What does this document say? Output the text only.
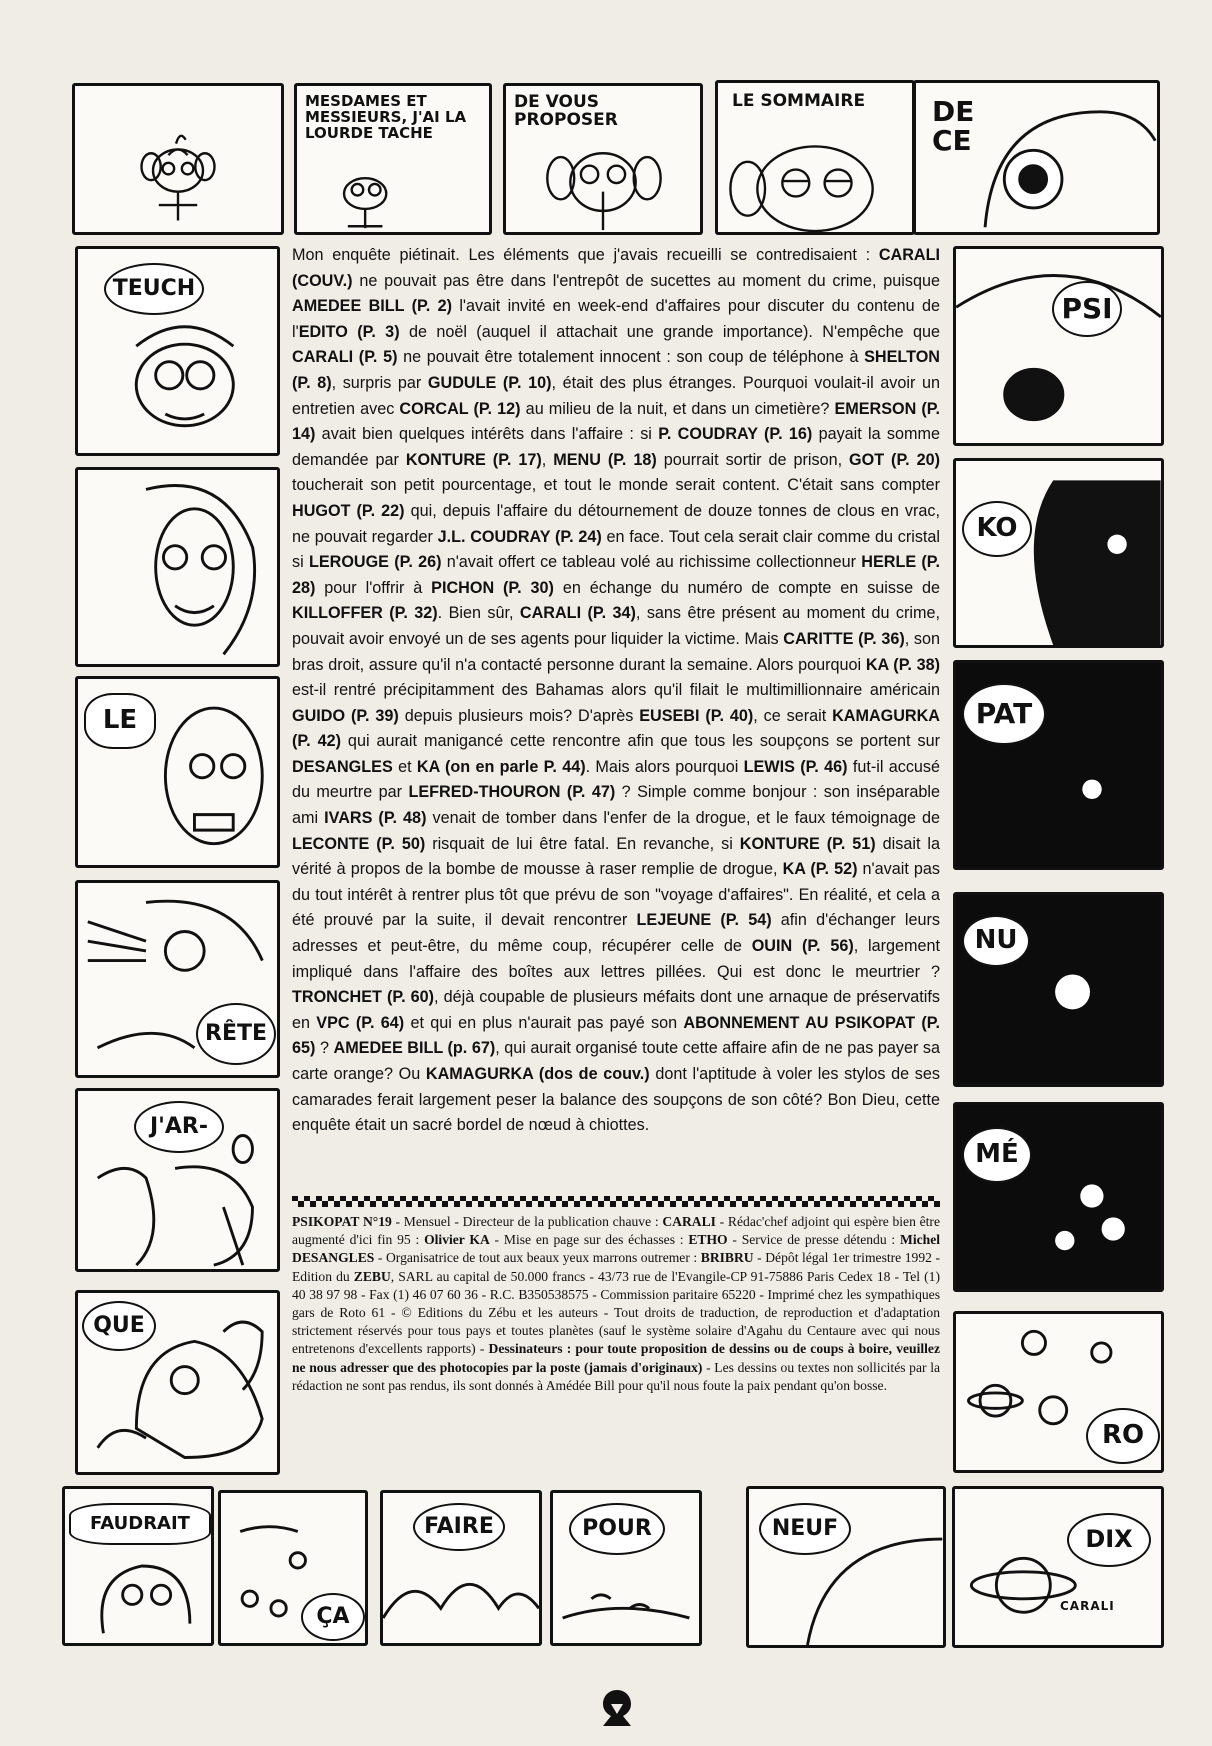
MESDAMES ET MESSIEURS, J'AI LA LOURDE TACHE
DE VOUS PROPOSER
LE SOMMAIRE DE CE
TEUCH
LE
RÊTE
J'AR-
QUE

Mon enquête piétinait. Les éléments que j'avais recueilli se contredisaient : CARALI (COUV.) ne pouvait pas être dans l'entrepôt de sucettes au moment du crime, puisque AMEDEE BILL (P. 2) l'avait invité en week-end d'affaires pour discuter du contenu de l'EDITO (P. 3) de noël (auquel il attachait une grande importance). N'empêche que CARALI (P. 5) ne pouvait être totalement innocent : son coup de téléphone à SHELTON (P. 8), surpris par GUDULE (P. 10), était des plus étranges. Pourquoi voulait-il avoir un entretien avec CORCAL (P. 12) au milieu de la nuit, et dans un cimetière? EMERSON (P. 14) avait bien quelques intérêts dans l'affaire : si P. COUDRAY (P. 16) payait la somme demandée par KONTURE (P. 17), MENU (P. 18) pourrait sortir de prison, GOT (P. 20) toucherait son petit pourcentage, et tout le monde serait content. C'était sans compter HUGOT (P. 22) qui, depuis l'affaire du détournement de douze tonnes de clous en vrac, ne pouvait regarder J.L. COUDRAY (P. 24) en face. Tout cela serait clair comme du cristal si LEROUGE (P. 26) n'avait offert ce tableau volé au richissime collectionneur HERLE (P. 28) pour l'offrir à PICHON (P. 30) en échange du numéro de compte en suisse de KILLOFFER (P. 32). Bien sûr, CARALI (P. 34), sans être présent au moment du crime, pouvait avoir envoyé un de ses agents pour liquider la victime. Mais CARITTE (P. 36), son bras droit, assure qu'il n'a contacté personne durant la semaine. Alors pourquoi KA (P. 38) est-il rentré précipitamment des Bahamas alors qu'il filait le multimillionnaire américain GUIDO (P. 39) depuis plusieurs mois? D'après EUSEBI (P. 40), ce serait KAMAGURKA (P. 42) qui aurait manigancé cette rencontre afin que tous les soupçons se portent sur DESANGLES et KA (on en parle P. 44). Mais alors pourquoi LEWIS (P. 46) fut-il accusé du meurtre par LEFRED-THOURON (P. 47) ? Simple comme bonjour : son inséparable ami IVARS (P. 48) venait de tomber dans l'enfer de la drogue, et le faux témoignage de LECONTE (P. 50) risquait de lui être fatal. En revanche, si KONTURE (P. 51) disait la vérité à propos de la bombe de mousse à raser remplie de drogue, KA (P. 52) n'avait pas du tout intérêt à rentrer plus tôt que prévu de son "voyage d'affaires". En réalité, et cela a été prouvé par la suite, il devait rencontrer LEJEUNE (P. 54) afin d'échanger leurs adresses et peut-être, du même coup, récupérer celle de OUIN (P. 56), largement impliqué dans l'affaire des boîtes aux lettres pillées. Qui est donc le meurtrier ? TRONCHET (P. 60), déjà coupable de plusieurs méfaits dont une arnaque de préservatifs en VPC (P. 64) et qui en plus n'aurait pas payé son ABONNEMENT AU PSIKOPAT (P. 65) ? AMEDEE BILL (p. 67), qui aurait organisé toute cette affaire afin de ne pas payer sa carte orange? Ou KAMAGURKA (dos de couv.) dont l'aptitude à voler les stylos de ses camarades ferait largement peser la balance des soupçons de son côté? Bon Dieu, cette enquête était un sacré bordel de nœud à chiottes.

PSIKOPAT N°19 - Mensuel - Directeur de la publication chauve : CARALI - Rédac'chef adjoint qui espère bien être augmenté d'ici fin 95 : Olivier KA - Mise en page sur des échasses : ETHO - Service de presse détendu : Michel DESANGLES - Organisatrice de tout aux beaux yeux marrons outremer : BRIBRU - Dépôt légal 1er trimestre 1992 - Edition du ZEBU, SARL au capital de 50.000 francs - 43/73 rue de l'Evangile-CP 91-75886 Paris Cedex 18 - Tel (1) 40 38 97 98 - Fax (1) 46 07 60 36 - R.C. B350538575 - Commission paritaire 65220 - Imprimé chez les sympathiques gars de Roto 61 - © Editions du Zébu et les auteurs - Tout droits de traduction, de reproduction et d'adaptation strictement réservés pour tous pays et toutes planètes (sauf le système solaire d'Agahu du Centaure avec qui nous entretenons d'excellents rapports) - Dessinateurs : pour toute proposition de dessins ou de coups à boire, veuillez ne nous adresser que des photocopies par la poste (jamais d'originaux) - Les dessins ou textes non sollicités par la rédaction ne sont pas rendus, ils sont donnés à Amédée Bill pour qu'il nous foute la paix pendant qu'on bosse.

PSI
KO
PAT
NU
MÉ
RO
FAUDRAIT
ÇA
FAIRE	POUR	NEUF	DIX
CARALI
